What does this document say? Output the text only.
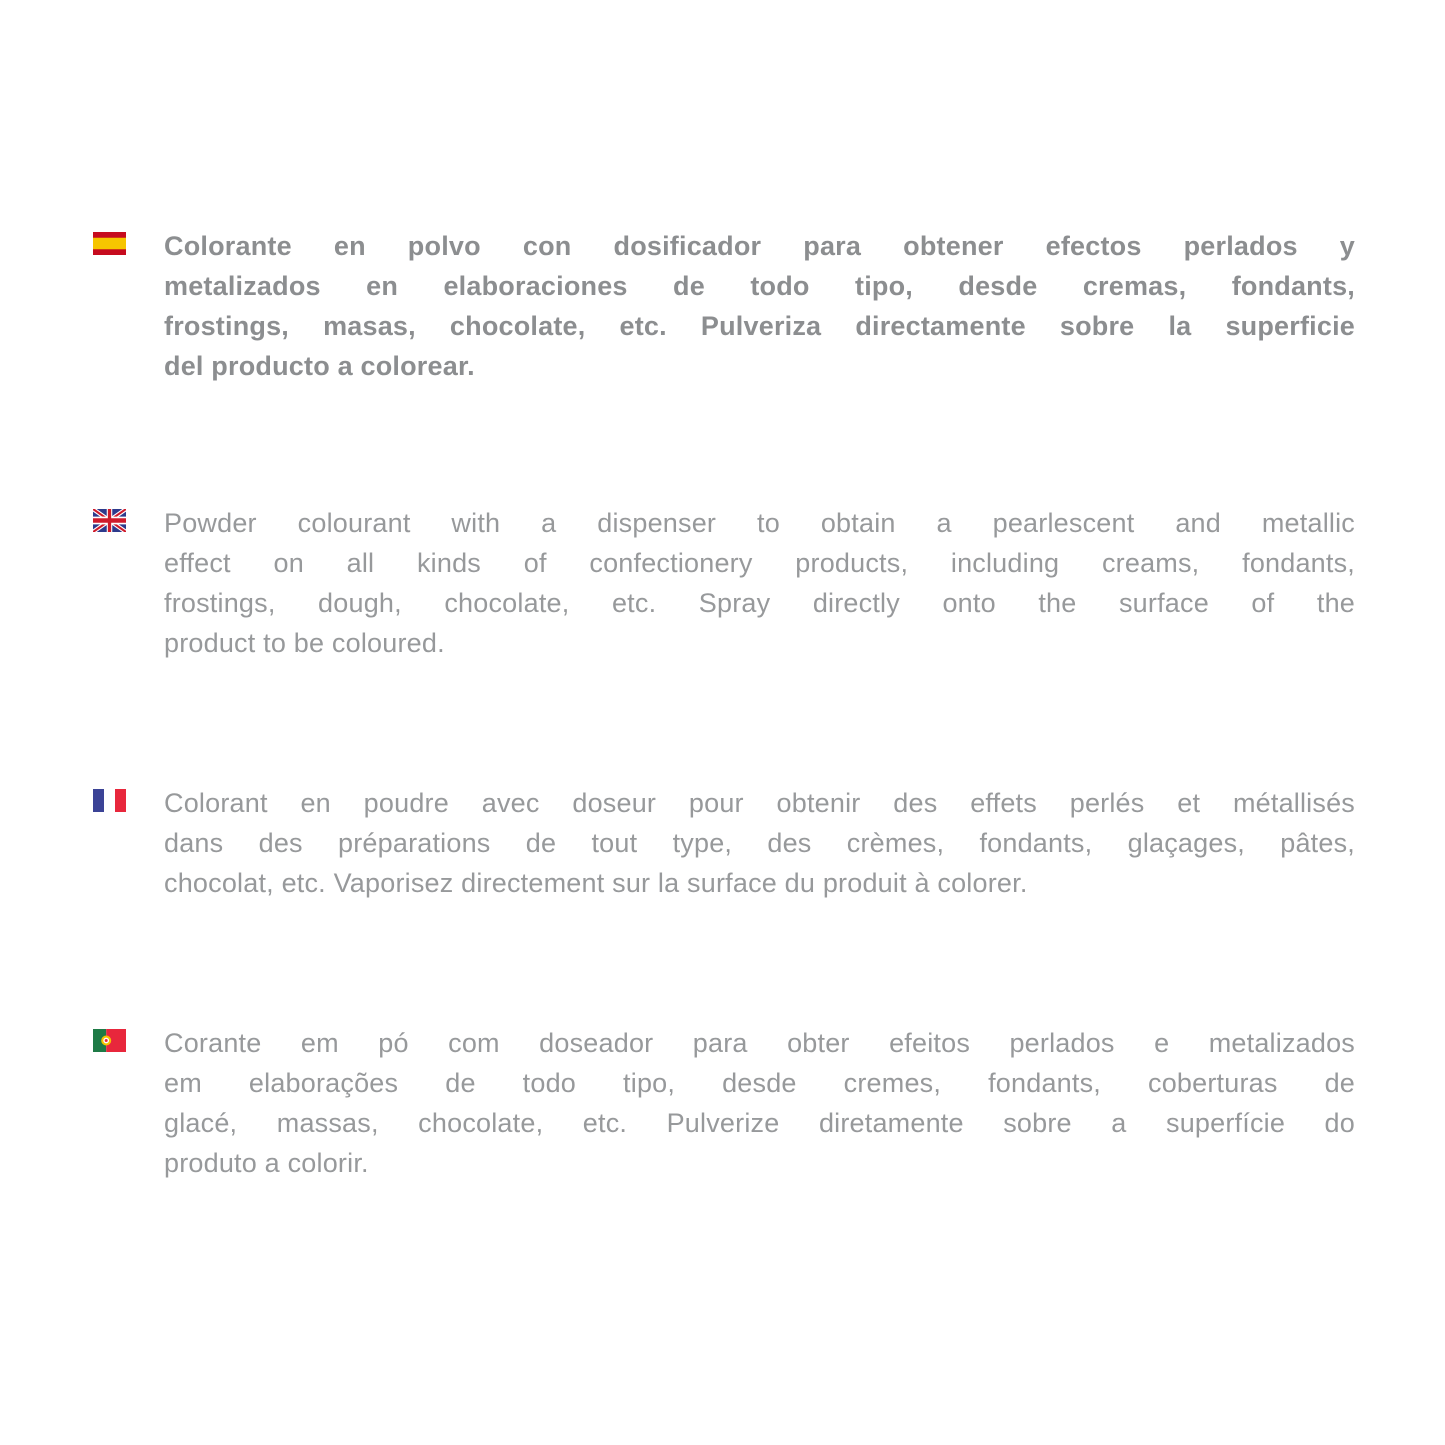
Colorante en polvo con dosificador para obtener efectos perlados y
metalizados en elaboraciones de todo tipo, desde cremas, fondants,
frostings, masas, chocolate, etc. Pulveriza directamente sobre la superficie
del producto a colorear.
Powder colourant with a dispenser to obtain a pearlescent and metallic
effect on all kinds of confectionery products, including creams, fondants,
frostings, dough, chocolate, etc. Spray directly onto the surface of the
product to be coloured.
Colorant en poudre avec doseur pour obtenir des effets perlés et métallisés
dans des préparations de tout type, des crèmes, fondants, glaçages, pâtes,
chocolat, etc. Vaporisez directement sur la surface du produit à colorer.
Corante em pó com doseador para obter efeitos perlados e metalizados
em elaborações de todo tipo, desde cremes, fondants, coberturas de
glacé, massas, chocolate, etc. Pulverize diretamente sobre a superfície do
produto a colorir.
